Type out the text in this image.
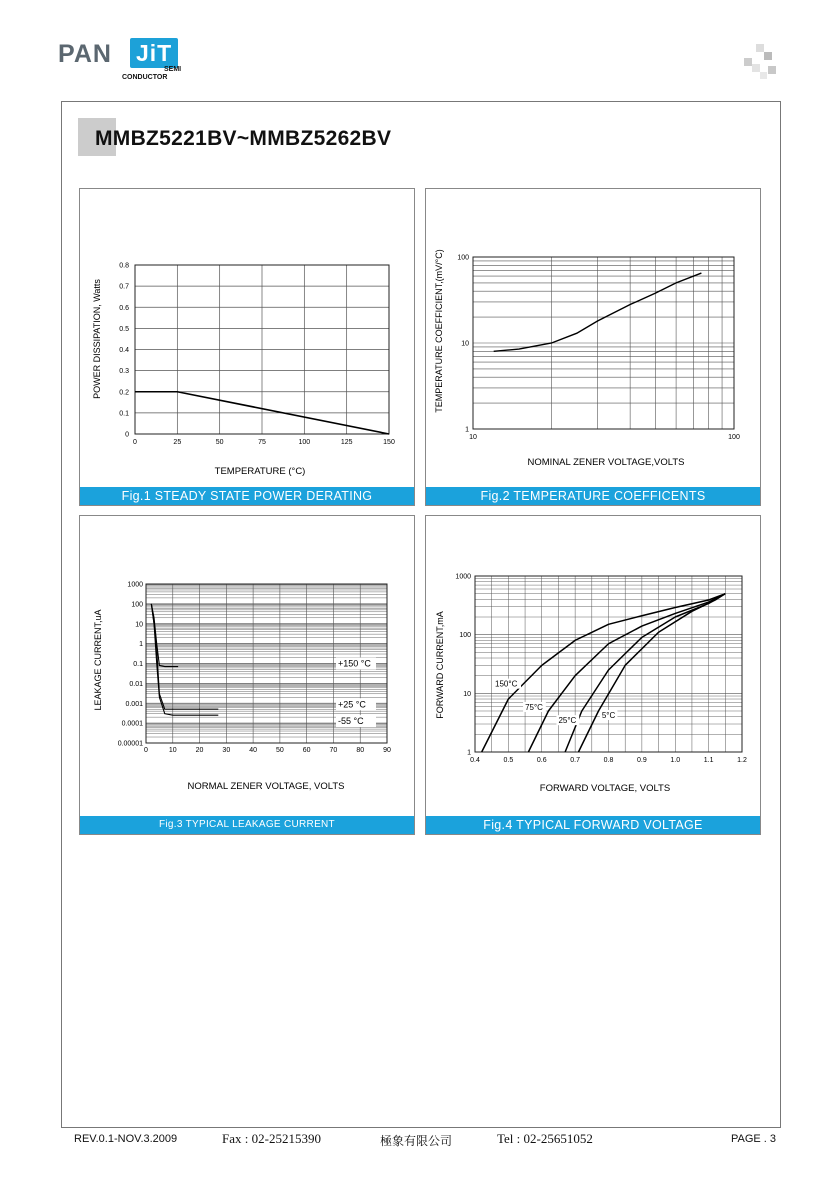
PAN JiT
SEMI
CONDUCTOR
MMBZ5221BV~MMBZ5262BV
POWER DISSIPATION, Watts
TEMPERATURE (°C)
0	25	50	75	100	125	150
0
0.1
0.2
0.3
0.4
0.5
0.6
0.7
0.8
Fig.1 STEADY STATE POWER DERATING
TEMPERATURE COEFFICIENT,(mV/°C)
NOMINAL ZENER VOLTAGE,VOLTS
10	100
1
10
100
Fig.2 TEMPERATURE COEFFICENTS
LEAKAGE CURRENT,uA
NORMAL ZENER VOLTAGE, VOLTS
0	10	20	30	40	50	60	70	80	90
1000
100
10
1
0.1
0.01
0.001
0.0001
0.00001
+150 °C
+25 °C
-55 °C
Fig.3 TYPICAL LEAKAGE CURRENT
FORWARD CURRENT,mA
FORWARD VOLTAGE, VOLTS
0.4	0.5	0.6	0.7	0.8	0.9	1.0	1.1	1.2
1
10
100
1000
150°C
75°C
25°C
5°C
Fig.4 TYPICAL FORWARD VOLTAGE
REV.0.1-NOV.3.2009	Fax : 02-25215390	極象有限公司	Tel : 02-25651052	PAGE . 3
